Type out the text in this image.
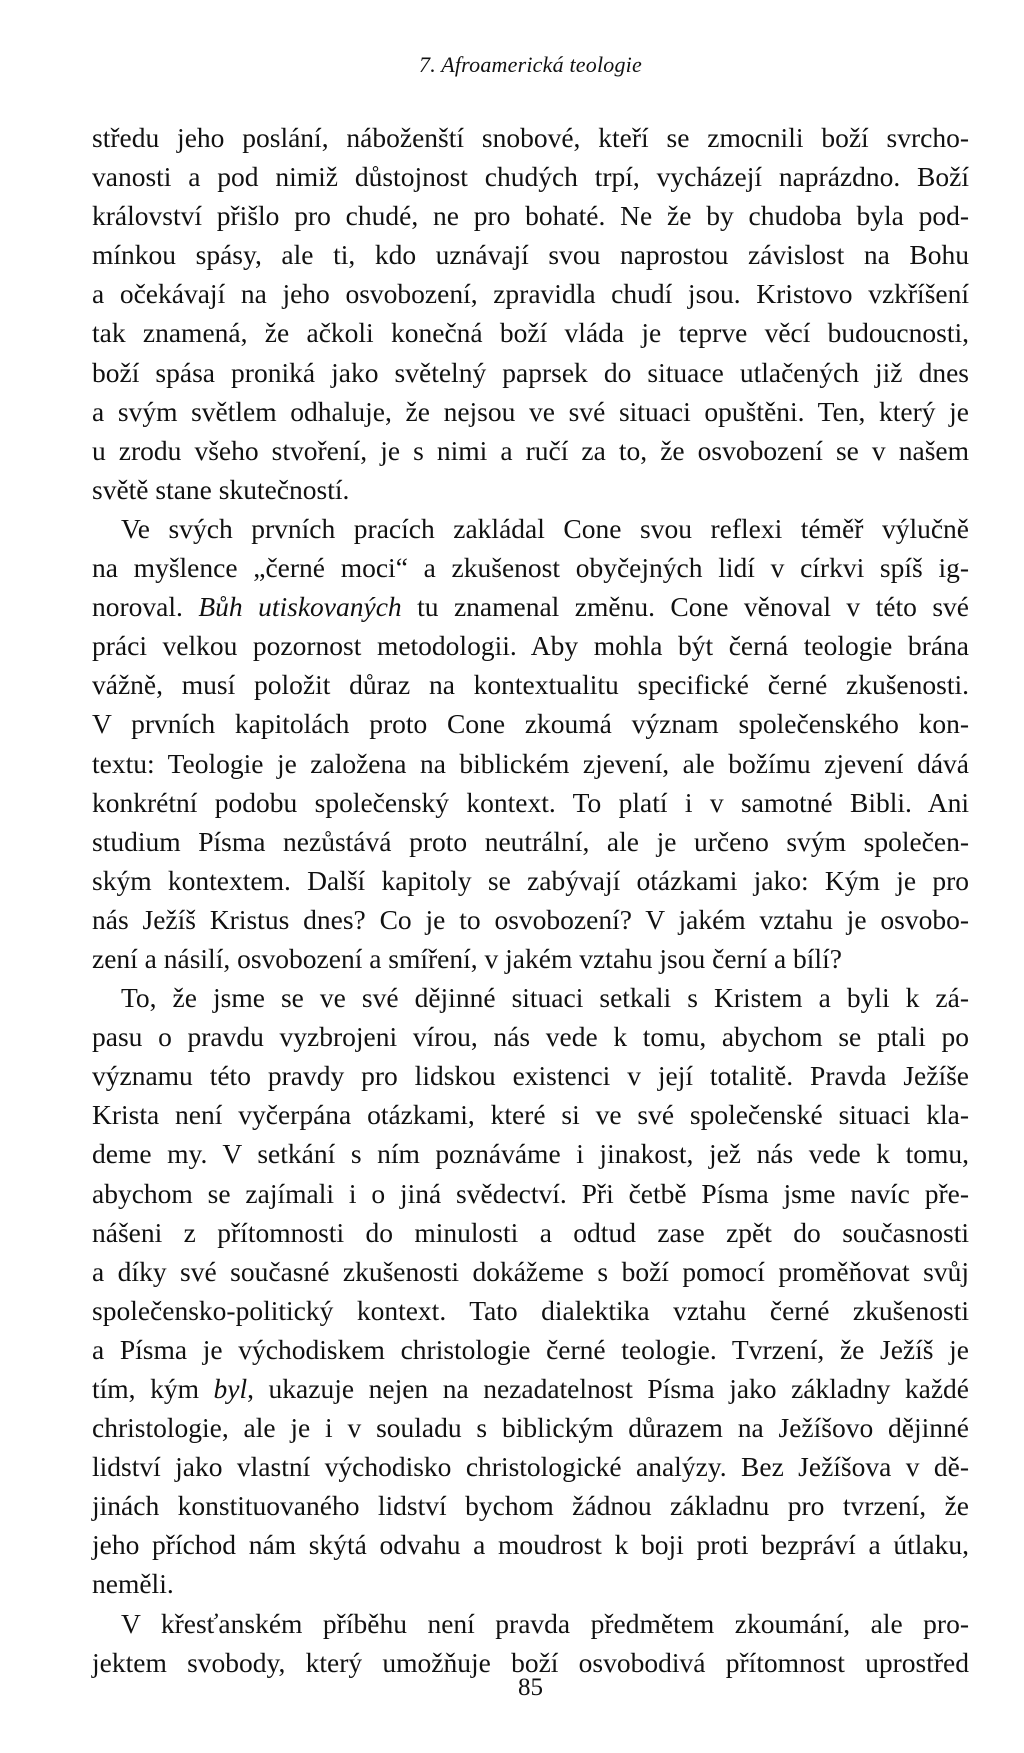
7. Afroamerická teologie
středu jeho poslání, náboženští snobové, kteří se zmocnili boží svrcho-
vanosti a pod nimiž důstojnost chudých trpí, vycházejí naprázdno. Boží
království přišlo pro chudé, ne pro bohaté. Ne že by chudoba byla pod-
mínkou spásy, ale ti, kdo uznávají svou naprostou závislost na Bohu
a očekávají na jeho osvobození, zpravidla chudí jsou. Kristovo vzkříšení
tak znamená, že ačkoli konečná boží vláda je teprve věcí budoucnosti,
boží spása proniká jako světelný paprsek do situace utlačených již dnes
a svým světlem odhaluje, že nejsou ve své situaci opuštěni. Ten, který je
u zrodu všeho stvoření, je s nimi a ručí za to, že osvobození se v našem
světě stane skutečností.
Ve svých prvních pracích zakládal Cone svou reflexi téměř výlučně
na myšlence „černé moci“ a zkušenost obyčejných lidí v církvi spíš ig-
noroval. Bůh utiskovaných tu znamenal změnu. Cone věnoval v této své
práci velkou pozornost metodologii. Aby mohla být černá teologie brána
vážně, musí položit důraz na kontextualitu specifické černé zkušenosti.
V prvních kapitolách proto Cone zkoumá význam společenského kon-
textu: Teologie je založena na biblickém zjevení, ale božímu zjevení dává
konkrétní podobu společenský kontext. To platí i v samotné Bibli. Ani
studium Písma nezůstává proto neutrální, ale je určeno svým společen-
ským kontextem. Další kapitoly se zabývají otázkami jako: Kým je pro
nás Ježíš Kristus dnes? Co je to osvobození? V jakém vztahu je osvobo-
zení a násilí, osvobození a smíření, v jakém vztahu jsou černí a bílí?
To, že jsme se ve své dějinné situaci setkali s Kristem a byli k zá-
pasu o pravdu vyzbrojeni vírou, nás vede k tomu, abychom se ptali po
významu této pravdy pro lidskou existenci v její totalitě. Pravda Ježíše
Krista není vyčerpána otázkami, které si ve své společenské situaci kla-
deme my. V setkání s ním poznáváme i jinakost, jež nás vede k tomu,
abychom se zajímali i o jiná svědectví. Při četbě Písma jsme navíc pře-
nášeni z přítomnosti do minulosti a odtud zase zpět do současnosti
a díky své současné zkušenosti dokážeme s boží pomocí proměňovat svůj
společensko-politický kontext. Tato dialektika vztahu černé zkušenosti
a Písma je východiskem christologie černé teologie. Tvrzení, že Ježíš je
tím, kým byl, ukazuje nejen na nezadatelnost Písma jako základny každé
christologie, ale je i v souladu s biblickým důrazem na Ježíšovo dějinné
lidství jako vlastní východisko christologické analýzy. Bez Ježíšova v dě-
jinách konstituovaného lidství bychom žádnou základnu pro tvrzení, že
jeho příchod nám skýtá odvahu a moudrost k boji proti bezpráví a útlaku,
neměli.
V křesťanském příběhu není pravda předmětem zkoumání, ale pro-
jektem svobody, který umožňuje boží osvobodivá přítomnost uprostřed
85
